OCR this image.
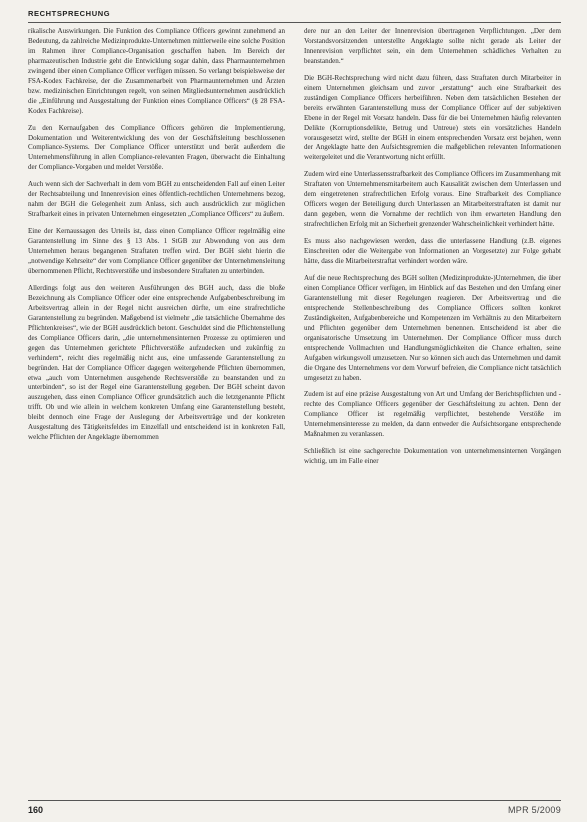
RECHTSPRECHUNG

rikalische Auswirkungen. Die Funktion des Compliance Officers gewinnt zunehmend an Bedeutung, da zahlreiche Medizinprodukte-Unternehmen mittlerweile eine solche Position im Rahmen ihrer Compliance-Organisation geschaffen haben. Im Bereich der pharmazeutischen Industrie geht die Entwicklung sogar dahin, dass Pharmaunternehmen zwingend über einen Compliance Officer verfügen müssen. So verlangt beispielsweise der FSA-Kodex Fachkreise, der die Zusammenarbeit von Pharmaunternehmen und Ärzten bzw. medizinischen Einrichtungen regelt, von seinen Mitgliedsunternehmen ausdrücklich die „Einführung und Ausgestaltung der Funktion eines Compliance Officers“ (§ 28 FSA-Kodex Fachkreise).

Zu den Kernaufgaben des Compliance Officers gehören die Implementierung, Dokumentation und Weiterentwicklung des von der Geschäftsleitung beschlossenen Compliance-Systems. Der Compliance Officer unterstützt und berät außerdem die Unternehmensführung in allen Compliance-relevanten Fragen, überwacht die Einhaltung der Compliance-Vorgaben und meldet Verstöße.

Auch wenn sich der Sachverhalt in dem vom BGH zu entscheidenden Fall auf einen Leiter der Rechtsabteilung und Innenrevision eines öffentlich-rechtlichen Unternehmens bezog, nahm der BGH die Gelegenheit zum Anlass, sich auch ausdrücklich zur möglichen Strafbarkeit eines in privaten Unternehmen eingesetzten „Compliance Officers“ zu äußern.

Eine der Kernaussagen des Urteils ist, dass einen Compliance Officer regelmäßig eine Garantenstellung im Sinne des § 13 Abs. 1 StGB zur Abwendung von aus dem Unternehmen heraus begangenen Straftaten treffen wird. Der BGH sieht hierin die „notwendige Kehrseite“ der vom Compliance Officer gegenüber der Unternehmensleitung übernommenen Pflicht, Rechtsverstöße und insbesondere Straftaten zu unterbinden.

Allerdings folgt aus den weiteren Ausführungen des BGH auch, dass die bloße Bezeichnung als Compliance Officer oder eine entsprechende Aufgabenbeschreibung im Arbeitsvertrag allein in der Regel nicht ausreichen dürfte, um eine strafrechtliche Garantenstellung zu begründen. Maßgebend ist vielmehr „die tatsächliche Übernahme des Pflichtenkreises“, wie der BGH ausdrücklich betont. Geschuldet sind die Pflichtenstellung des Compliance Officers darin, „die unternehmensinternen Prozesse zu optimieren und gegen das Unternehmen gerichtete Pflichtverstöße aufzudecken und zukünftig zu verhindern“, reicht dies regelmäßig nicht aus, eine umfassende Garantenstellung zu begründen. Hat der Compliance Officer dagegen weitergehende Pflichten übernommen, etwa „auch vom Unternehmen ausgehende Rechtsverstöße zu beanstanden und zu unterbinden“, so ist der Regel eine Garantenstellung gegeben. Der BGH scheint davon auszugehen, dass einen Compliance Officer grundsätzlich auch die letztgenannte Pflicht trifft. Ob und wie allein in welchem konkreten Umfang eine Garantenstellung besteht, bleibt dennoch eine Frage der Auslegung der Arbeitsverträge und der konkreten Ausgestaltung des Tätigkeitsfeldes im Einzelfall und entscheidend ist in konkreten Fall, welche Pflichten der Angeklagte übernommen

dere nur an den Leiter der Innenrevision übertragenen Verpflichtungen. „Der dem Vorstandsvorsitzenden unterstellte Angeklagte sollte nicht gerade als Leiter der Innenrevision verpflichtet sein, ein dem Unternehmen schädliches Verhalten zu beanstanden.“

Die BGH-Rechtsprechung wird nicht dazu führen, dass Straftaten durch Mitarbeiter in einem Unternehmen gleichsam und zuvor „erstattung“ auch eine Strafbarkeit des zuständigen Compliance Officers herbeiführen. Neben dem tatsächlichen Bestehen der bereits erwähnten Garantenstellung muss der Compliance Officer auf der subjektiven Ebene in der Regel mit Vorsatz handeln. Dass für die bei Unternehmen häufig relevanten Delikte (Korruptionsdelikte, Betrug und Untreue) stets ein vorsätzliches Handeln vorausgesetzt wird, stellte der BGH in einem entsprechenden Vorsatz erst bejahen, wenn der Angeklagte hatte den Aufsichtsgremien die maßgeblichen relevanten Informationen weitergeleitet und die Verantwortung nicht erfüllt.

Zudem wird eine Unterlassensstrafbarkeit des Compliance Officers im Zusammenhang mit Straftaten von Unternehmensmitarbeitern auch Kausalität zwischen dem Unterlassen und dem eingetretenen strafrechtlichen Erfolg voraus. Eine Strafbarkeit des Compliance Officers wegen der Beteiligung durch Unterlassen an Mitarbeiterstraftaten ist damit nur dann gegeben, wenn die Vornahme der rechtlich von ihm erwarteten Handlung den strafrechtlichen Erfolg mit an Sicherheit grenzender Wahrscheinlichkeit verhindert hätte.

Es muss also nachgewiesen werden, dass die unterlassene Handlung (z.B. eigenes Einschreiten oder die Weitergabe von Informationen an Vorgesetzte) zur Folge gehabt hätte, dass die Mitarbeiterstraftat verhindert worden wäre.

Auf die neue Rechtsprechung des BGH sollten (Medizinprodukte-)Unternehmen, die über einen Compliance Officer verfügen, im Hinblick auf das Bestehen und den Umfang einer Garantenstellung mit dieser Regelungen reagieren. Der Arbeitsvertrag und die entsprechende Stellenbeschreibung des Compliance Officers sollten konkret Zuständigkeiten, Aufgabenbereiche und Kompetenzen im Verhältnis zu den Mitarbeitern und Pflichten gegenüber dem Unternehmen benennen. Entscheidend ist aber die organisatorische Umsetzung im Unternehmen. Der Compliance Officer muss durch entsprechende Vollmachten und Handlungsmöglichkeiten die Chance erhalten, seine Aufgaben wirkungsvoll umzusetzen. Nur so können sich auch das Unternehmen und damit die Organe des Unternehmens vor dem Vorwurf befreien, die Compliance nicht tatsächlich umgesetzt zu haben.

Zudem ist auf eine präzise Ausgestaltung von Art und Umfang der Berichtspflichten und -rechte des Compliance Officers gegenüber der Geschäftsleitung zu achten. Denn der Compliance Officer ist regelmäßig verpflichtet, bestehende Verstöße im Unternehmensinteresse zu melden, da dann entweder die Aufsichtsorgane entsprechende Maßnahmen zu veranlassen.

Schließlich ist eine sachgerechte Dokumentation von unternehmensinternen Vorgängen wichtig, um im Falle einer

160	MPR 5/2009
